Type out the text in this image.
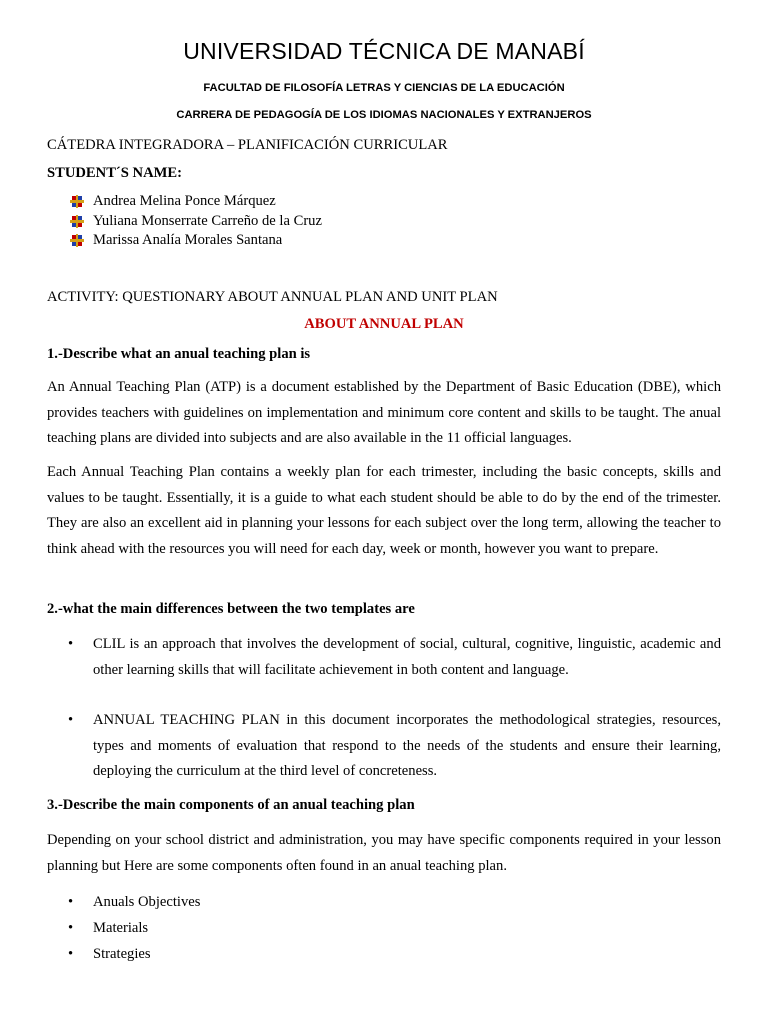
UNIVERSIDAD TÉCNICA DE MANABÍ
FACULTAD DE FILOSOFÍA LETRAS Y CIENCIAS DE LA EDUCACIÓN
CARRERA DE PEDAGOGÍA DE LOS IDIOMAS NACIONALES Y EXTRANJEROS
CÁTEDRA INTEGRADORA – PLANIFICACIÓN CURRICULAR
STUDENT´S NAME:
Andrea Melina Ponce Márquez
Yuliana Monserrate Carreño de la Cruz
Marissa Analía Morales Santana
ACTIVITY: QUESTIONARY ABOUT ANNUAL PLAN AND UNIT PLAN
ABOUT ANNUAL PLAN
1.-Describe what an anual teaching plan is
An Annual Teaching Plan (ATP) is a document established by the Department of Basic Education (DBE), which provides teachers with guidelines on implementation and minimum core content and skills to be taught. The anual teaching plans are divided into subjects and are also available in the 11 official languages.
Each Annual Teaching Plan contains a weekly plan for each trimester, including the basic concepts, skills and values to be taught. Essentially, it is a guide to what each student should be able to do by the end of the trimester. They are also an excellent aid in planning your lessons for each subject over the long term, allowing the teacher to think ahead with the resources you will need for each day, week or month, however you want to prepare.
2.-what the main differences between the two templates are
• CLIL is an approach that involves the development of social, cultural, cognitive, linguistic, academic and other learning skills that will facilitate achievement in both content and language.
• ANNUAL TEACHING PLAN in this document incorporates the methodological strategies, resources, types and moments of evaluation that respond to the needs of the students and ensure their learning, deploying the curriculum at the third level of concreteness.
3.-Describe the main components of an anual teaching plan
Depending on your school district and administration, you may have specific components required in your lesson planning but Here are some components often found in an anual teaching plan.
• Anuals Objectives
• Materials
• Strategies
